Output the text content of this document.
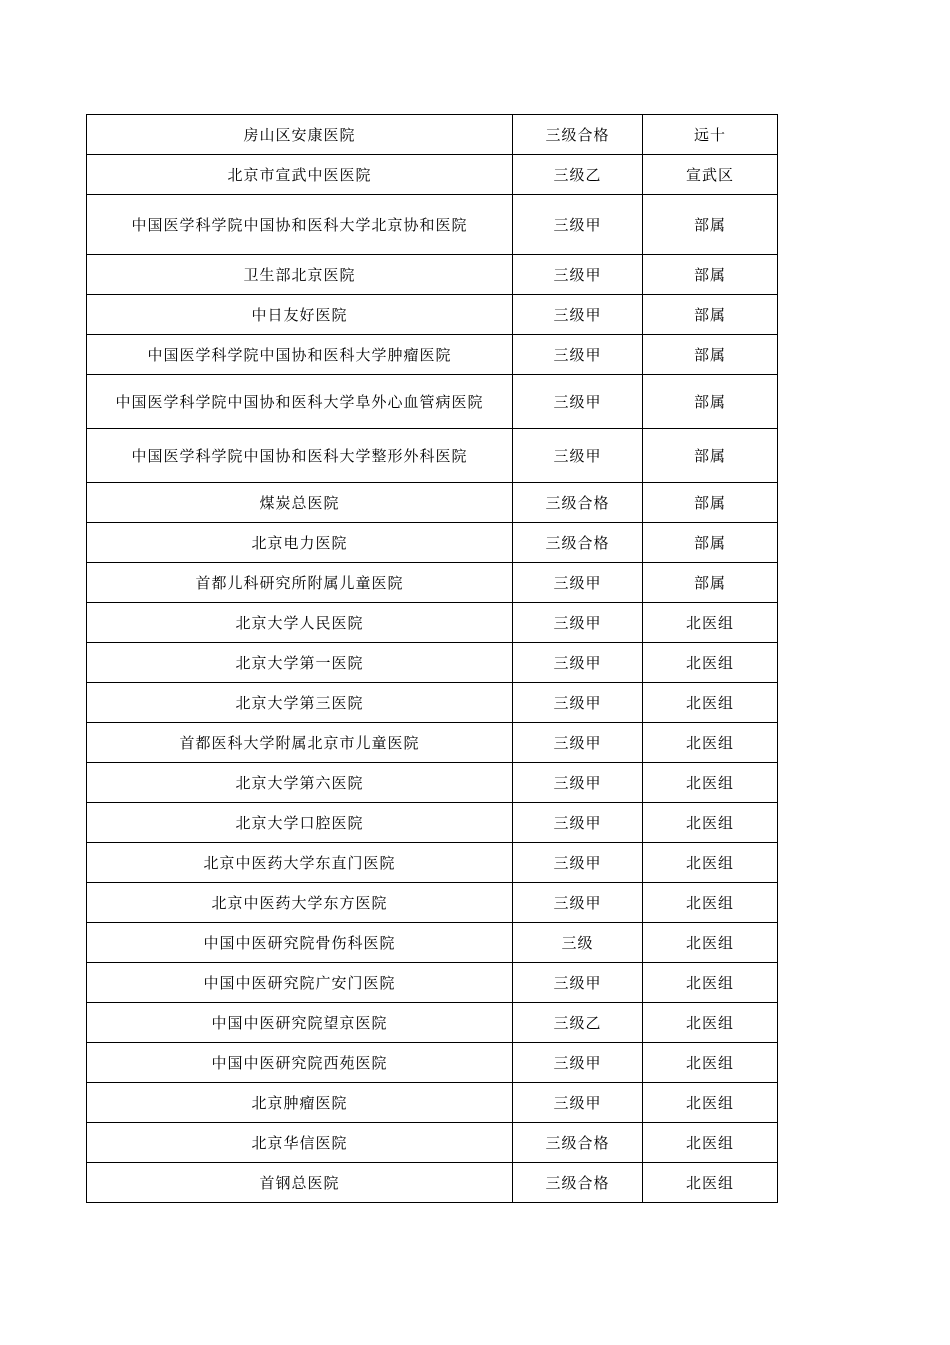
房山区安康医院	三级合格	远十
北京市宣武中医医院	三级乙	宣武区
中国医学科学院中国协和医科大学北京协和医院	三级甲	部属
卫生部北京医院	三级甲	部属
中日友好医院	三级甲	部属
中国医学科学院中国协和医科大学肿瘤医院	三级甲	部属
中国医学科学院中国协和医科大学阜外心血管病医院	三级甲	部属
中国医学科学院中国协和医科大学整形外科医院	三级甲	部属
煤炭总医院	三级合格	部属
北京电力医院	三级合格	部属
首都儿科研究所附属儿童医院	三级甲	部属
北京大学人民医院	三级甲	北医组
北京大学第一医院	三级甲	北医组
北京大学第三医院	三级甲	北医组
首都医科大学附属北京市儿童医院	三级甲	北医组
北京大学第六医院	三级甲	北医组
北京大学口腔医院	三级甲	北医组
北京中医药大学东直门医院	三级甲	北医组
北京中医药大学东方医院	三级甲	北医组
中国中医研究院骨伤科医院	三级	北医组
中国中医研究院广安门医院	三级甲	北医组
中国中医研究院望京医院	三级乙	北医组
中国中医研究院西苑医院	三级甲	北医组
北京肿瘤医院	三级甲	北医组
北京华信医院	三级合格	北医组
首钢总医院	三级合格	北医组
